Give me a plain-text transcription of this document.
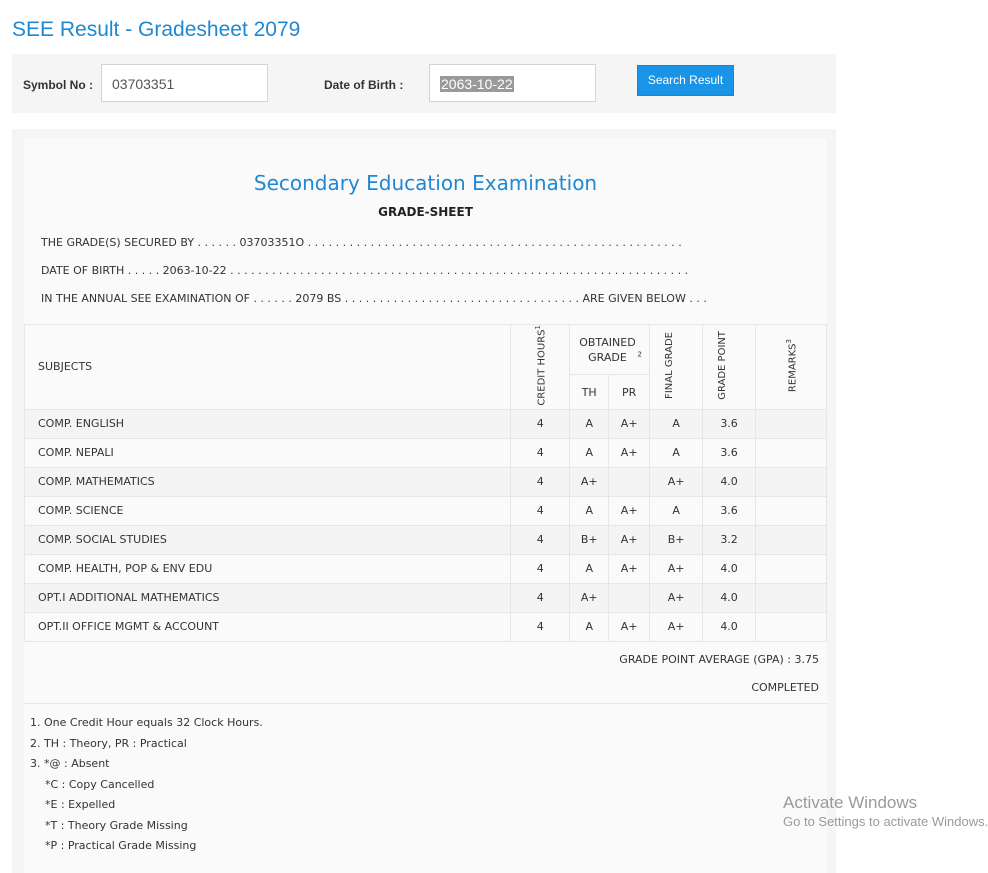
SEE Result - Gradesheet 2079
Symbol No :	03703351	Date of Birth :	2063-10-22	Search Result
Secondary Education Examination
GRADE-SHEET
THE GRADE(S) SECURED BY . . . . . . 03703351O . . . . . . . . . . . . . . . . . . . . . . . . . . . . . . . . . . . . . . . . . . . . . . . . . . . . . .
DATE OF BIRTH . . . . . 2063-10-22 . . . . . . . . . . . . . . . . . . . . . . . . . . . . . . . . . . . . . . . . . . . . . . . . . . . . . . . . . . . . . . . . . .
IN THE ANNUAL SEE EXAMINATION OF . . . . . . 2079 BS . . . . . . . . . . . . . . . . . . . . . . . . . . . . . . . . . . ARE GIVEN BELOW . . .
SUBJECTS	CREDIT HOURS$^1$	OBTAINED GRADE $^2$		FINAL GRADE	GRADE POINT	REMARKS$^3$
		TH	PR			
COMP. ENGLISH	4	A	A+	A	3.6	
COMP. NEPALI	4	A	A+	A	3.6	
COMP. MATHEMATICS	4	A+		A+	4.0	
COMP. SCIENCE	4	A	A+	A	3.6	
COMP. SOCIAL STUDIES	4	B+	A+	B+	3.2	
COMP. HEALTH, POP & ENV EDU	4	A	A+	A+	4.0	
OPT.I ADDITIONAL MATHEMATICS	4	A+		A+	4.0	
OPT.II OFFICE MGMT & ACCOUNT	4	A	A+	A+	4.0	
GRADE POINT AVERAGE (GPA) : 3.75
COMPLETED
1. One Credit Hour equals 32 Clock Hours.
2. TH : Theory, PR : Practical
3. *@ : Absent
*C : Copy Cancelled
*E : Expelled
*T : Theory Grade Missing
*P : Practical Grade Missing
Activate Windows
Go to Settings to activate Windows.
